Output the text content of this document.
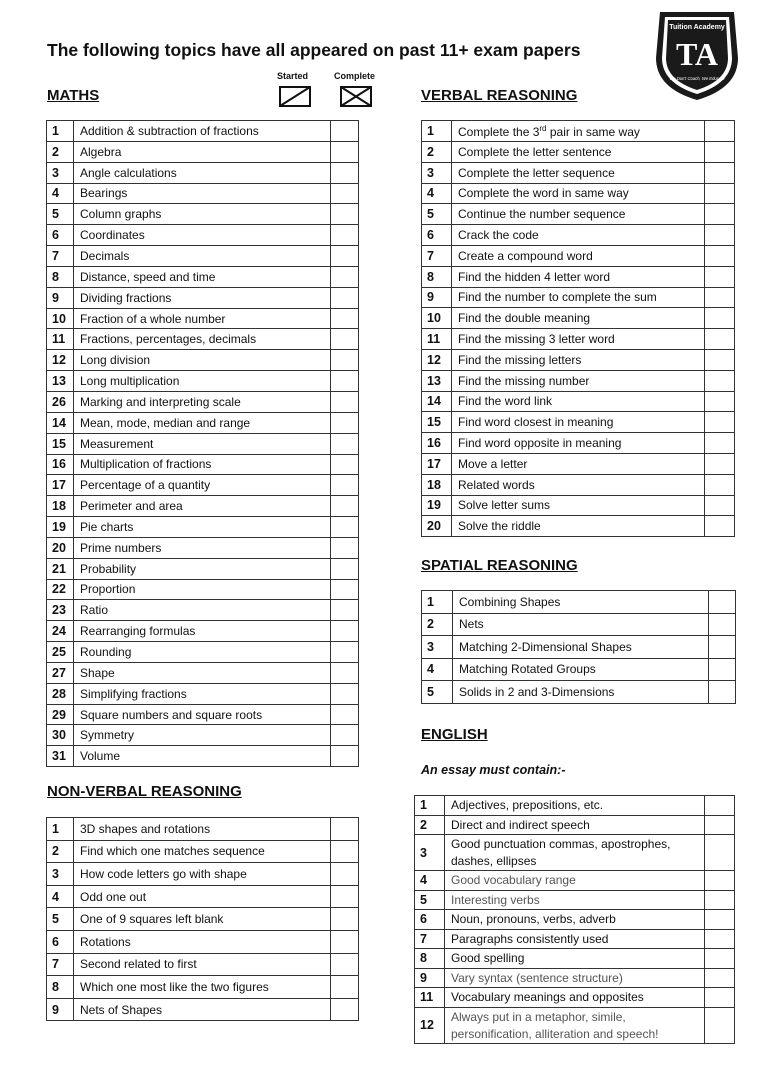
The following topics have all appeared on past 11+ exam papers
Tuition Academy
TA
We Don't Coach, We Educate
Started	Complete
MATHS	VERBAL REASONING
SPATIAL REASONING
ENGLISH
An essay must contain:-
NON-VERBAL REASONING
1	Addition & subtraction of fractions	
2	Algebra	
3	Angle calculations	
4	Bearings	
5	Column graphs	
6	Coordinates	
7	Decimals	
8	Distance, speed and time	
9	Dividing fractions	
10	Fraction of a whole number	
11	Fractions, percentages, decimals	
12	Long division	
13	Long multiplication	
26	Marking and interpreting scale	
14	Mean, mode, median and range	
15	Measurement	
16	Multiplication of fractions	
17	Percentage of a quantity	
18	Perimeter and area	
19	Pie charts	
20	Prime numbers	
21	Probability	
22	Proportion	
23	Ratio	
24	Rearranging formulas	
25	Rounding	
27	Shape	
28	Simplifying fractions	
29	Square numbers and square roots	
30	Symmetry	
31	Volume	
1	Complete the 3rd pair in same way	
2	Complete the letter sentence	
3	Complete the letter sequence	
4	Complete the word in same way	
5	Continue the number sequence	
6	Crack the code	
7	Create a compound word	
8	Find the hidden 4 letter word	
9	Find the number to complete the sum	
10	Find the double meaning	
11	Find the missing 3 letter word	
12	Find the missing letters	
13	Find the missing number	
14	Find the word link	
15	Find word closest in meaning	
16	Find word opposite in meaning	
17	Move a letter	
18	Related words	
19	Solve letter sums	
20	Solve the riddle	
1	Combining Shapes	
2	Nets	
3	Matching 2-Dimensional Shapes	
4	Matching Rotated Groups	
5	Solids in 2 and 3-Dimensions	
1	Adjectives, prepositions, etc.	
2	Direct and indirect speech	
3	Good punctuation commas, apostrophes, dashes, ellipses	
4	Good vocabulary range	
5	Interesting verbs	
6	Noun, pronouns, verbs, adverb	
7	Paragraphs consistently used	
8	Good spelling	
9	Vary syntax (sentence structure)	
11	Vocabulary meanings and opposites	
12	Always put in a metaphor, simile, personification, alliteration and speech!	
1	3D shapes and rotations	
2	Find which one matches sequence	
3	How code letters go with shape	
4	Odd one out	
5	One of 9 squares left blank	
6	Rotations	
7	Second related to first	
8	Which one most like the two figures	
9	Nets of Shapes	
